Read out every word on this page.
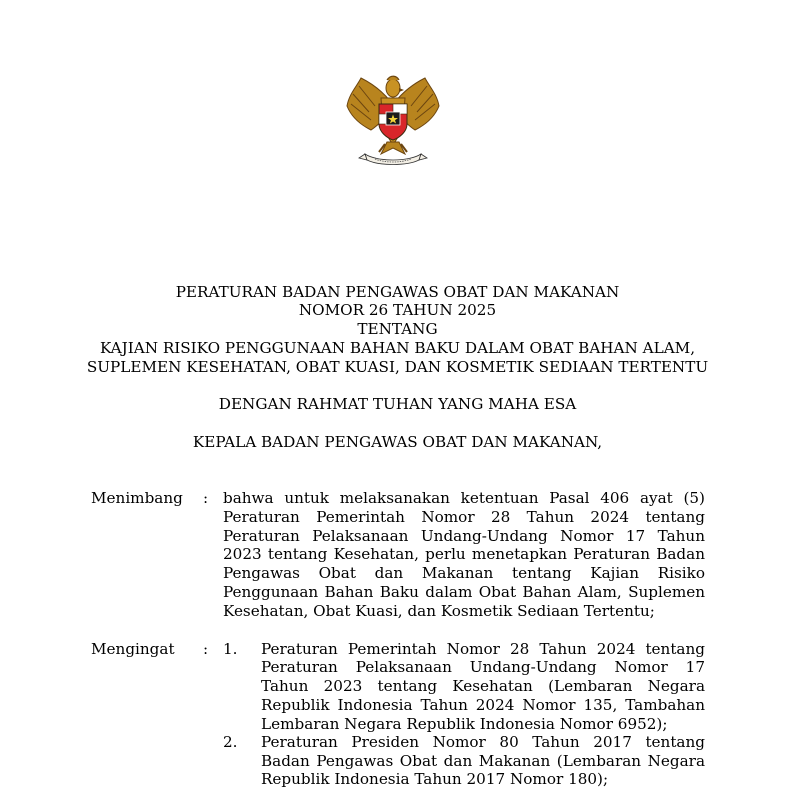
PERATURAN BADAN PENGAWAS OBAT DAN MAKANAN
NOMOR 26 TAHUN 2025
TENTANG
KAJIAN RISIKO PENGGUNAAN BAHAN BAKU DALAM OBAT BAHAN ALAM,
SUPLEMEN KESEHATAN, OBAT KUASI, DAN KOSMETIK SEDIAAN TERTENTU
DENGAN RAHMAT TUHAN YANG MAHA ESA
KEPALA BADAN PENGAWAS OBAT DAN MAKANAN,
Menimbang : bahwa untuk melaksanakan ketentuan Pasal 406 ayat (5)
Peraturan Pemerintah Nomor 28 Tahun 2024 tentang
Peraturan Pelaksanaan Undang-Undang Nomor 17 Tahun
2023 tentang Kesehatan, perlu menetapkan Peraturan Badan
Pengawas Obat dan Makanan tentang Kajian Risiko
Penggunaan Bahan Baku dalam Obat Bahan Alam, Suplemen
Kesehatan, Obat Kuasi, dan Kosmetik Sediaan Tertentu;
Mengingat : 1. Peraturan Pemerintah Nomor 28 Tahun 2024 tentang
Peraturan Pelaksanaan Undang-Undang Nomor 17
Tahun 2023 tentang Kesehatan (Lembaran Negara
Republik Indonesia Tahun 2024 Nomor 135, Tambahan
Lembaran Negara Republik Indonesia Nomor 6952);
2. Peraturan Presiden Nomor 80 Tahun 2017 tentang
Badan Pengawas Obat dan Makanan (Lembaran Negara
Republik Indonesia Tahun 2017 Nomor 180);
